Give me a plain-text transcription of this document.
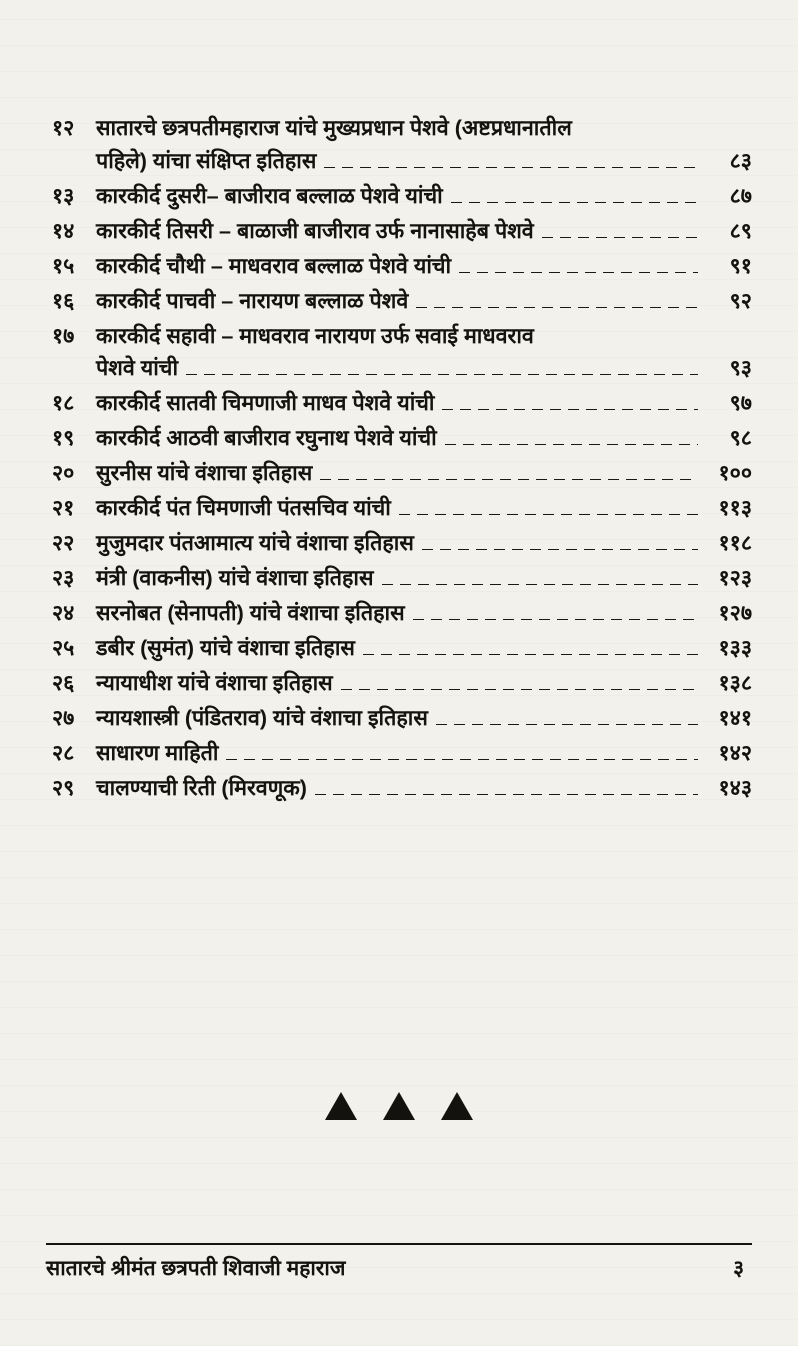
१२	सातारचे छत्रपतीमहाराज यांचे मुख्यप्रधान पेशवे (अष्टप्रधानातील
पहिले) यांचा संक्षिप्त इतिहास	८३
१३	कारकीर्द दुसरी– बाजीराव बल्लाळ पेशवे यांची	८७
१४	कारकीर्द तिसरी – बाळाजी बाजीराव उर्फ नानासाहेब पेशवे	८९
१५	कारकीर्द चौथी – माधवराव बल्लाळ पेशवे यांची	९१
१६	कारकीर्द पाचवी – नारायण बल्लाळ पेशवे	९२
१७	कारकीर्द सहावी – माधवराव नारायण उर्फ सवाई माधवराव
पेशवे यांची	९३
१८	कारकीर्द सातवी चिमणाजी माधव पेशवे यांची	९७
१९	कारकीर्द आठवी बाजीराव रघुनाथ पेशवे यांची	९८
२०	सुरनीस यांचे वंशाचा इतिहास	१००
२१	कारकीर्द पंत चिमणाजी पंतसचिव यांची	११३
२२	मुजुमदार पंतआमात्य यांचे वंशाचा इतिहास	११८
२३	मंत्री (वाकनीस) यांचे वंशाचा इतिहास	१२३
२४	सरनोबत (सेनापती) यांचे वंशाचा इतिहास	१२७
२५	डबीर (सुमंत) यांचे वंशाचा इतिहास	१३३
२६	न्यायाधीश यांचे वंशाचा इतिहास	१३८
२७	न्यायशास्त्री (पंडितराव) यांचे वंशाचा इतिहास	१४१
२८	साधारण माहिती	१४२
२९	चालण्याची रिती (मिरवणूक)	१४३
सातारचे श्रीमंत छत्रपती शिवाजी महाराज	३
